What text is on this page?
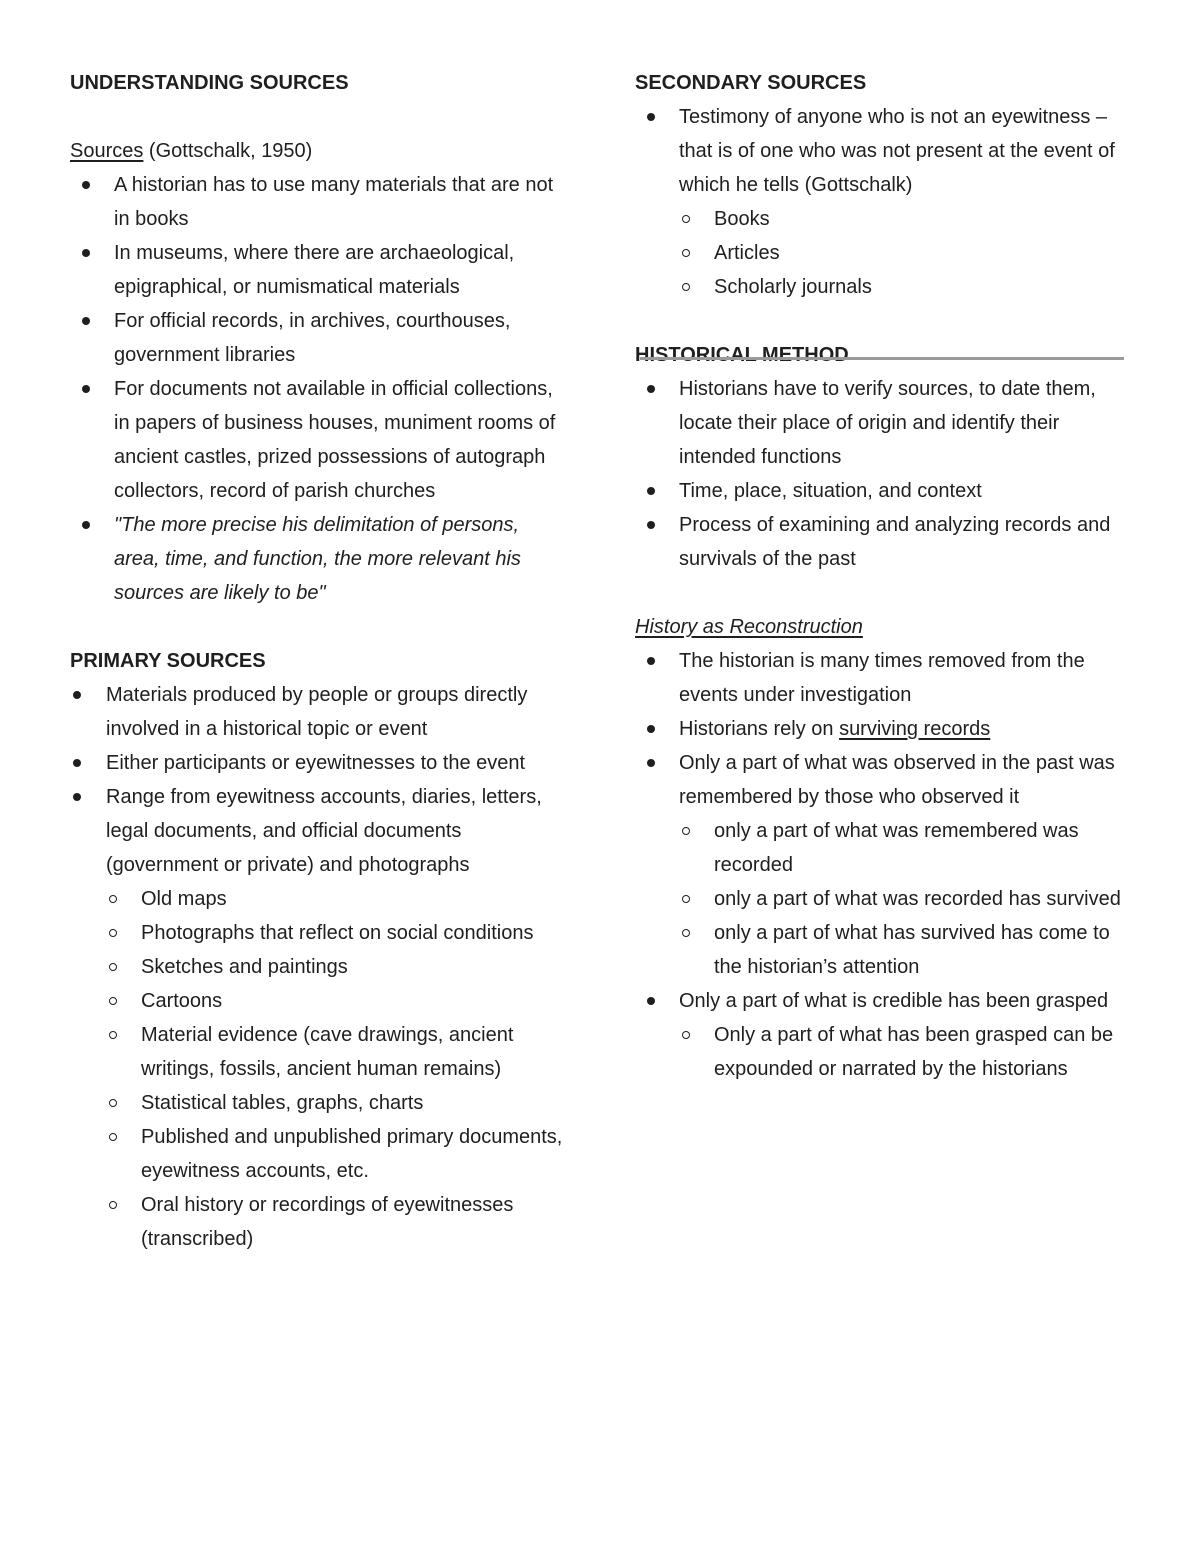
UNDERSTANDING SOURCES
Sources (Gottschalk, 1950)
A historian has to use many materials that are not in books
In museums, where there are archaeological, epigraphical, or numismatical materials
For official records, in archives, courthouses, government libraries
For documents not available in official collections, in papers of business houses, muniment rooms of ancient castles, prized possessions of autograph collectors, record of parish churches
"The more precise his delimitation of persons, area, time, and function, the more relevant his sources are likely to be"
PRIMARY SOURCES
Materials produced by people or groups directly involved in a historical topic or event
Either participants or eyewitnesses to the event
Range from eyewitness accounts, diaries, letters, legal documents, and official documents (government or private) and photographs
Old maps
Photographs that reflect on social conditions
Sketches and paintings
Cartoons
Material evidence (cave drawings, ancient writings, fossils, ancient human remains)
Statistical tables, graphs, charts
Published and unpublished primary documents, eyewitness accounts, etc.
Oral history or recordings of eyewitnesses (transcribed)
SECONDARY SOURCES
Testimony of anyone who is not an eyewitness – that is of one who was not present at the event of which he tells (Gottschalk)
Books
Articles
Scholarly journals
HISTORICAL METHOD
Historians have to verify sources, to date them, locate their place of origin and identify their intended functions
Time, place, situation, and context
Process of examining and analyzing records and survivals of the past
History as Reconstruction
The historian is many times removed from the events under investigation
Historians rely on surviving records
Only a part of what was observed in the past was remembered by those who observed it
only a part of what was remembered was recorded
only a part of what was recorded has survived
only a part of what has survived has come to the historian’s attention
Only a part of what is credible has been grasped
Only a part of what has been grasped can be expounded or narrated by the historians
